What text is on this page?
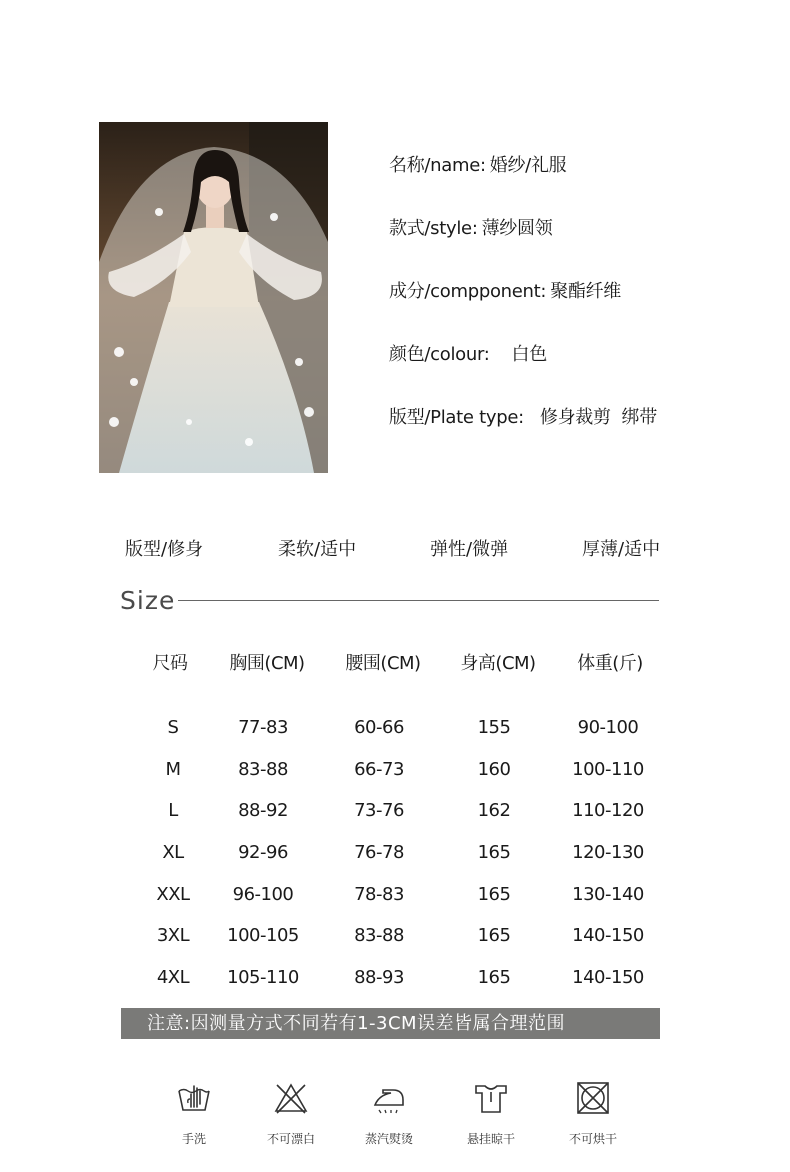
名称/name: 婚纱/礼服
款式/style: 薄纱圆领
成分/compponent: 聚酯纤维
颜色/colour: 白色
版型/Plate type: 修身裁剪  绑带
版型/修身	柔软/适中	弹性/微弹	厚薄/适中
Size
尺码 胸围(CM) 腰围(CM) 身高(CM) 体重(斤)
S	77-83	60-66	155	90-100
M	83-88	66-73	160	100-110
L	88-92	73-76	162	110-120
XL	92-96	76-78	165	120-130
XXL 96-100	78-83	165	130-140
3XL 100-105	83-88	165	140-150
4XL 105-110	88-93	165	140-150
注意:因测量方式不同若有1-3CM误差皆属合理范围
手洗	不可漂白	蒸汽熨烫	悬挂晾干	不可烘干
